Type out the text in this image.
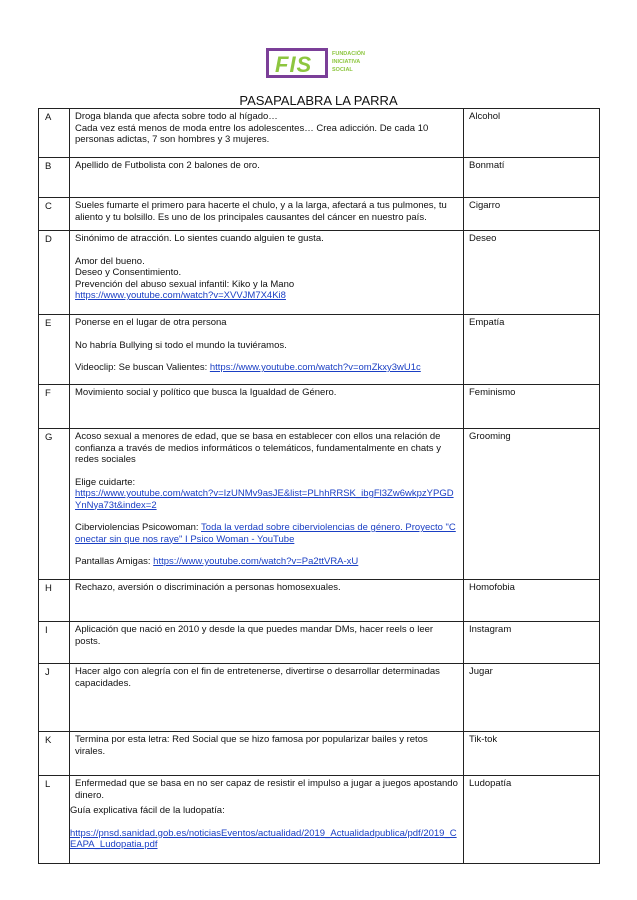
FIS	FUNDACIÓN
INICIATIVA
SOCIAL
PASAPALABRA LA PARRA
A	Droga blanda que afecta sobre todo al hígado…
Cada vez está menos de moda entre los adolescentes… Crea adicción. De cada 10 personas adictas, 7 son hombres y 3 mujeres.	Alcohol
B	Apellido de Futbolista con 2 balones de oro.	Bonmatí
C	Sueles fumarte el primero para hacerte el chulo, y a la larga, afectará a tus pulmones, tu aliento y tu bolsillo. Es uno de los principales causantes del cáncer en nuestro país.	Cigarro
D	Sinónimo de atracción. Lo sientes cuando alguien te gusta.
Amor del bueno.
Deseo y Consentimiento.
Prevención del abuso sexual infantil: Kiko y la Mano
https://www.youtube.com/watch?v=XVVJM7X4Ki8	Deseo
E	Ponerse en el lugar de otra persona
No habría Bullying si todo el mundo la tuviéramos.
Videoclip: Se buscan Valientes: https://www.youtube.com/watch?v=omZkxy3wU1c	Empatía
F	Movimiento social y político que busca la Igualdad de Género.	Feminismo
G	Acoso sexual a menores de edad, que se basa en establecer con ellos una relación de confianza a través de medios informáticos o telemáticos, fundamentalmente en chats y redes sociales
Elige cuidarte:
https://www.youtube.com/watch?v=IzUNMv9asJE&list=PLhhRRSK_ibgFl3Zw6wkpzYPGDYnNya73t&index=2
Ciberviolencias Psicowoman: Toda la verdad sobre ciberviolencias de género. Proyecto "Conectar sin que nos raye" I Psico Woman - YouTube
Pantallas Amigas: https://www.youtube.com/watch?v=Pa2ttVRA-xU	Grooming
H	Rechazo, aversión o discriminación a personas homosexuales.	Homofobia
I	Aplicación que nació en 2010 y desde la que puedes mandar DMs, hacer reels o leer posts.	Instagram
J	Hacer algo con alegría con el fin de entretenerse, divertirse o desarrollar determinadas capacidades.	Jugar
K	Termina por esta letra: Red Social que se hizo famosa por popularizar bailes y retos virales.	Tik-tok
L	Enfermedad que se basa en no ser capaz de resistir el impulso a jugar a juegos apostando dinero.
Guía explicativa fácil de la ludopatía:
https://pnsd.sanidad.gob.es/noticiasEventos/actualidad/2019_Actualidadpublica/pdf/2019_CEAPA_Ludopatia.pdf	Ludopatía
